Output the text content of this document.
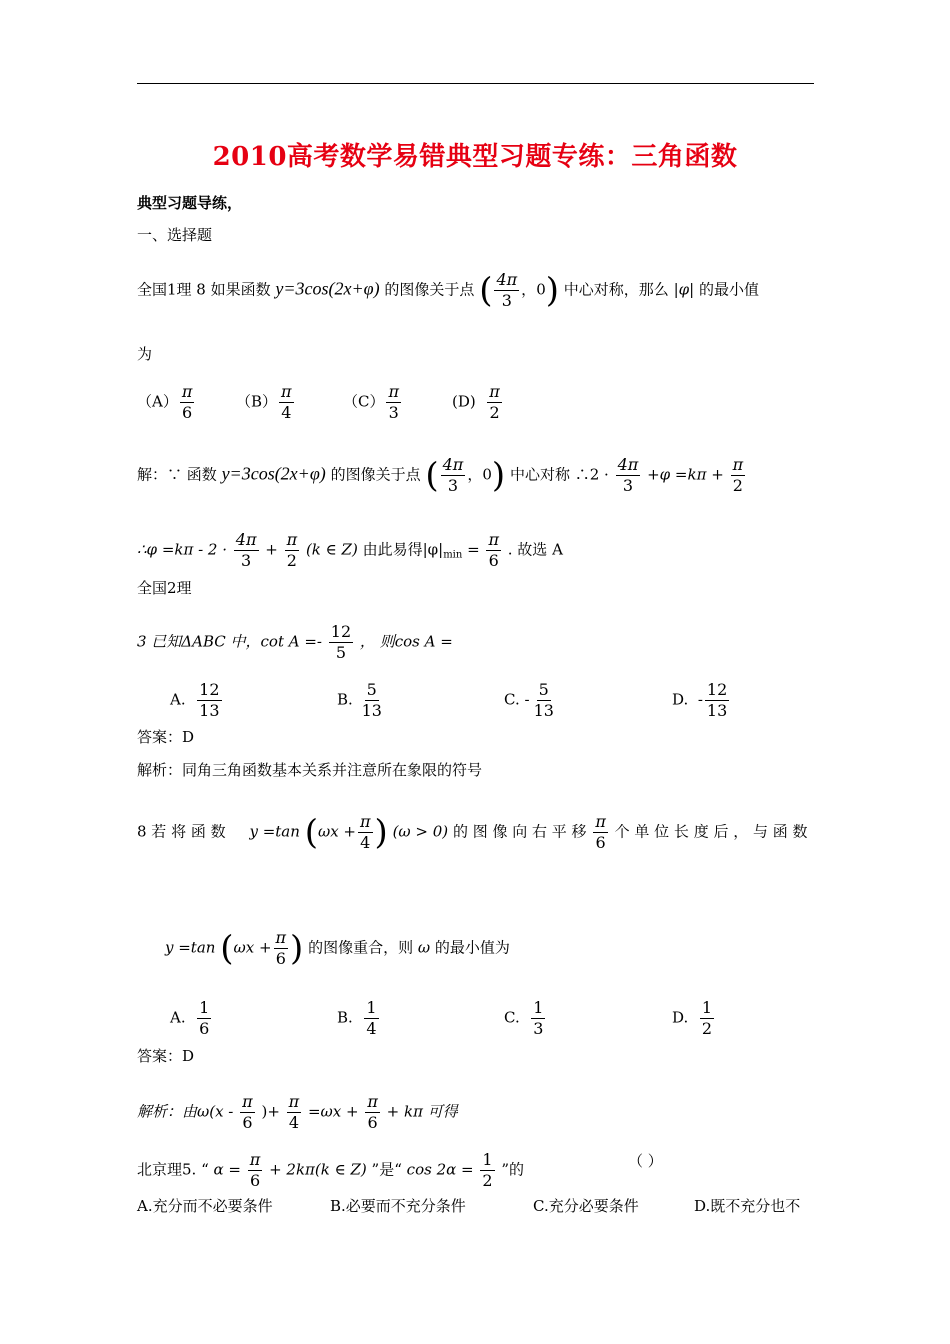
2010高考数学易错典型习题专练：三角函数
典型习题导练，
一、选择题
全国1理 8 如果函数 y=3cos(2x+φ) 的图像关于点 ( $\frac{4\pi}{3}$ ，0) 中心对称，那么 |φ| 的最小值
为
$(A) \frac{\pi}{6}$	$(B) \frac{\pi}{4}$	$(C) \frac{\pi}{3}$	$(D) \frac{\pi}{2}$
解：∵ 函数 y=3cos(2x+φ) 的图像关于点 ( $\frac{4\pi}{3}$ ，0) 中心对称 ∴2 · $\frac{4\pi}{3} +\varphi =k\pi + \frac{\pi}{2}$
∴φ $=k\pi - 2 \cdot \frac{4\pi}{3} + \frac{\pi}{2} (k$ ∈ Z) 由此易得$|\varphi|_{min} = \frac{\pi}{6}$ . 故选 A
全国2理
3 已知ΔABC 中，$\cot A =- \frac{12}{5}$ ， 则cos A =
A. $\frac{12}{13}$	B. $\frac{5}{13}$	C. - $\frac{5}{13}$	D. - $\frac{12}{13}$
答案：D
解析：同角三角函数基本关系并注意所在象限的符号
8 若 将 函 数 y =tan ($\omega x + \frac{\pi}{4}$ ) (ω > 0) 的 图 像 向 右 平 移 $\frac{\pi}{6}$ 个 单 位 长 度 后 ， 与 函 数
y =tan ($\omega x + \frac{\pi}{6}$ ) 的图像重合，则 ω 的最小值为
A. $\frac{1}{6}$	B. $\frac{1}{4}$	C. $\frac{1}{3}$	D. $\frac{1}{2}$
答案：D
解析：由$\omega(x - \frac{\pi}{6}$ )+ $\frac{\pi}{4} =\omega x + \frac{\pi}{6} + k\pi$ 可得
北京理5. “ $\alpha = \frac{\pi}{6} + 2k\pi(k$ ∈ Z) ”是“ $\cos 2\alpha = \frac{1}{2}$ ”的	（ ）
A.充分而不必要条件	B.必要而不充分条件	C.充分必要条件	D.既不充分也不
